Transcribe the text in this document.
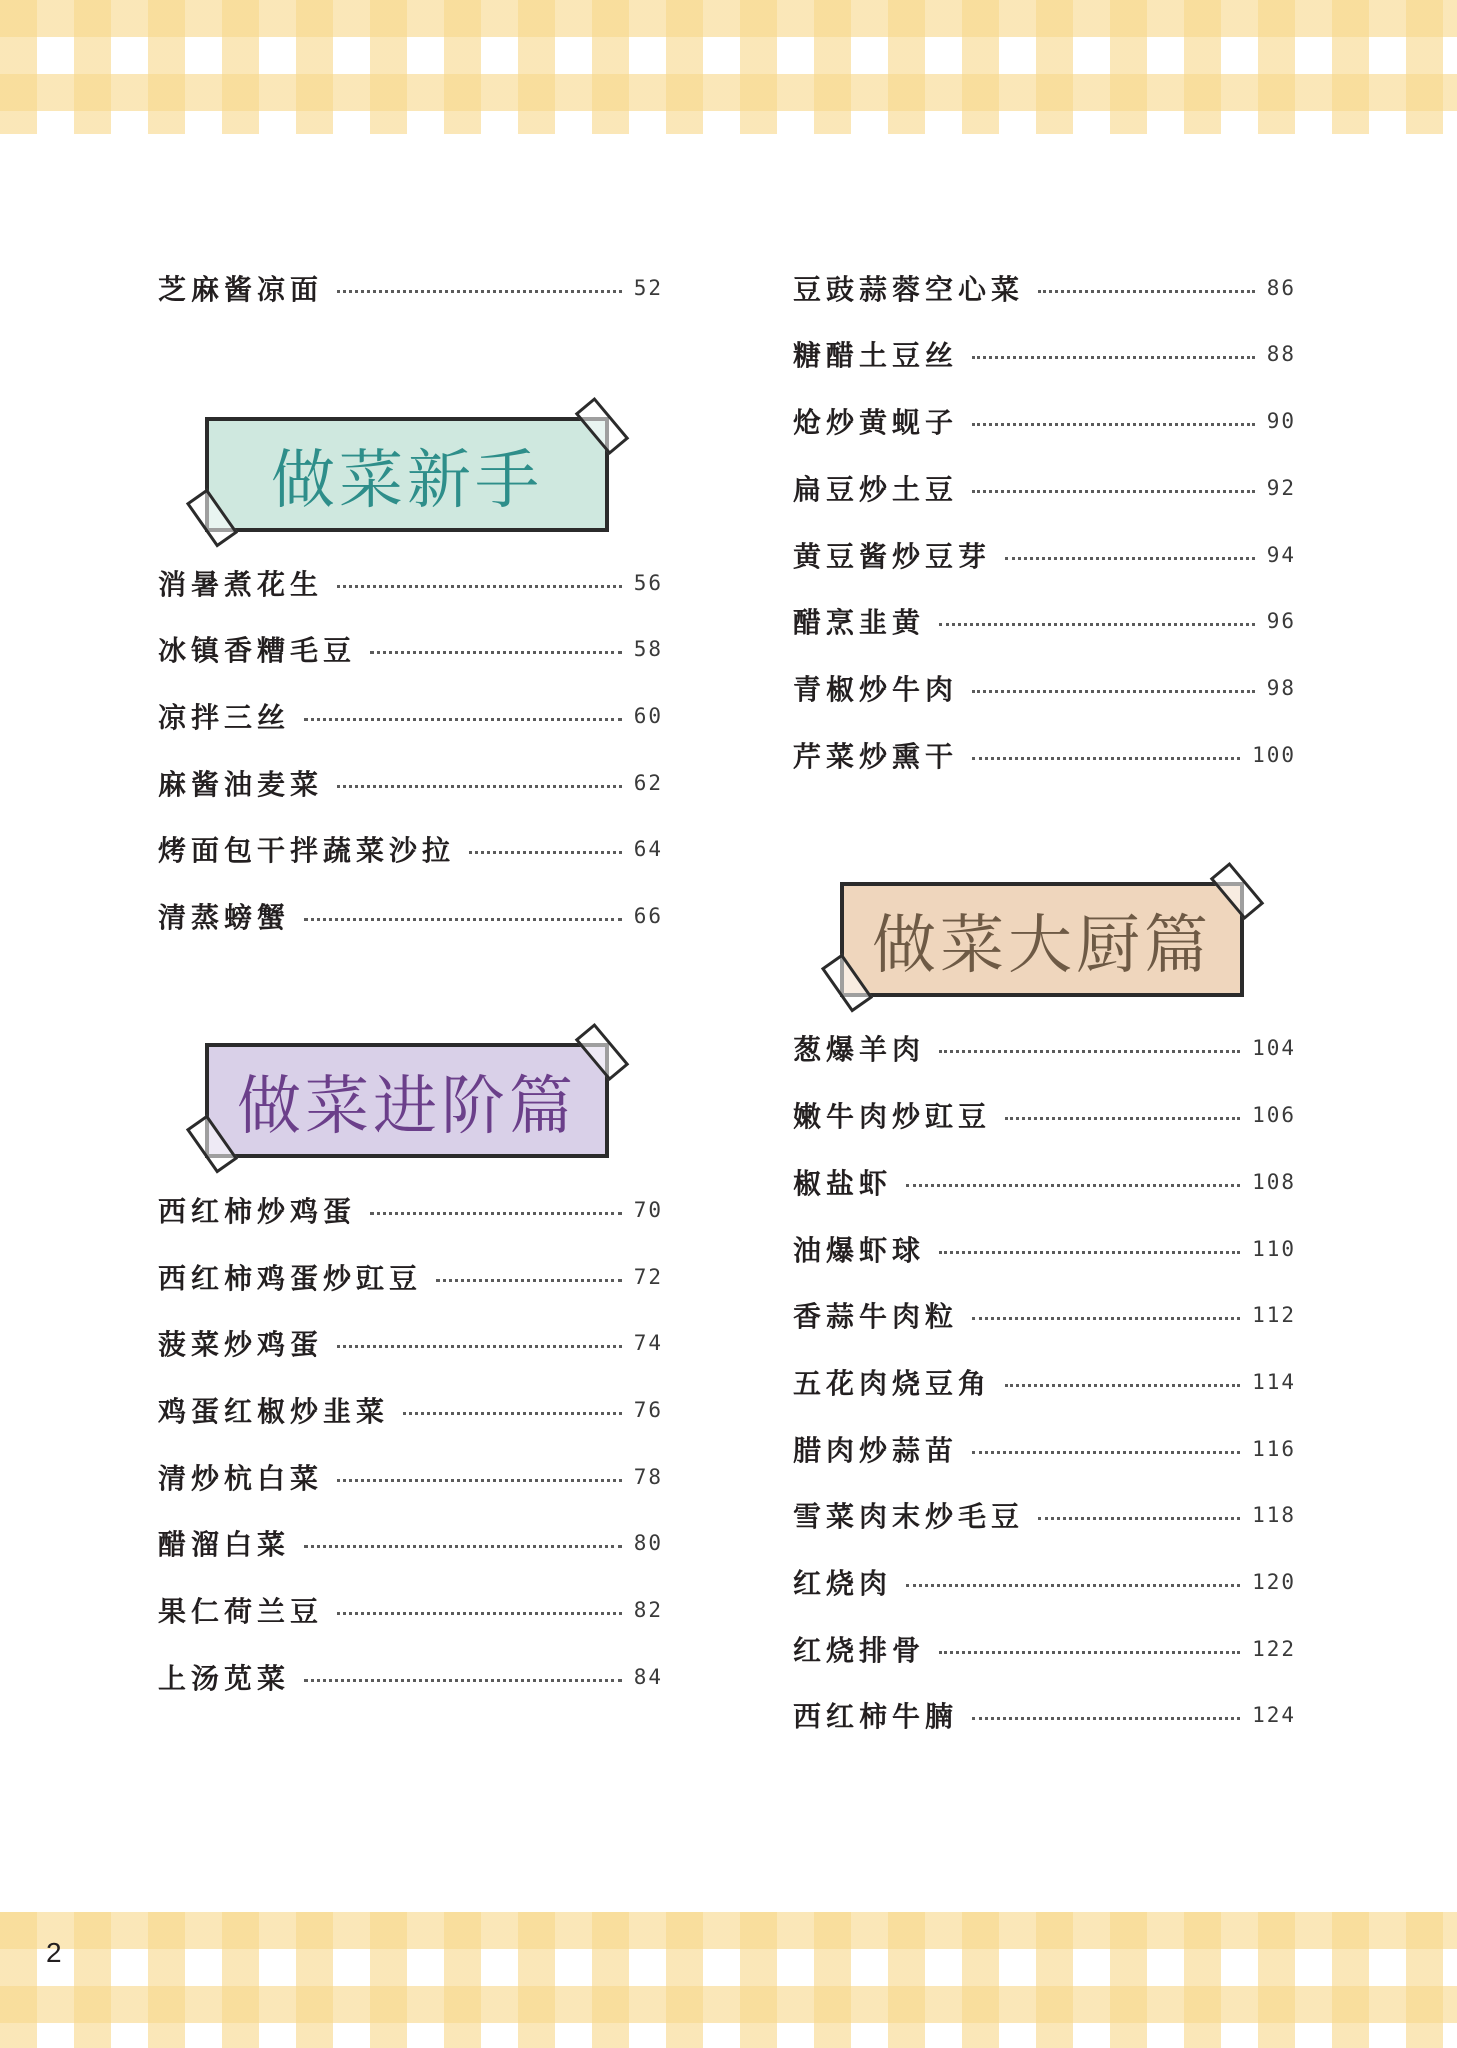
芝麻酱凉面	52
做菜新手
消暑煮花生	56
冰镇香糟毛豆	58
凉拌三丝	60
麻酱油麦菜	62
烤面包干拌蔬菜沙拉	64
清蒸螃蟹	66
做菜进阶篇
西红柿炒鸡蛋	70
西红柿鸡蛋炒豇豆	72
菠菜炒鸡蛋	74
鸡蛋红椒炒韭菜	76
清炒杭白菜	78
醋溜白菜	80
果仁荷兰豆	82
上汤苋菜	84
豆豉蒜蓉空心菜	86
糖醋土豆丝	88
炝炒黄蚬子	90
扁豆炒土豆	92
黄豆酱炒豆芽	94
醋烹韭黄	96
青椒炒牛肉	98
芹菜炒熏干	100
做菜大厨篇
葱爆羊肉	104
嫩牛肉炒豇豆	106
椒盐虾	108
油爆虾球	110
香蒜牛肉粒	112
五花肉烧豆角	114
腊肉炒蒜苗	116
雪菜肉末炒毛豆	118
红烧肉	120
红烧排骨	122
西红柿牛腩	124
2
